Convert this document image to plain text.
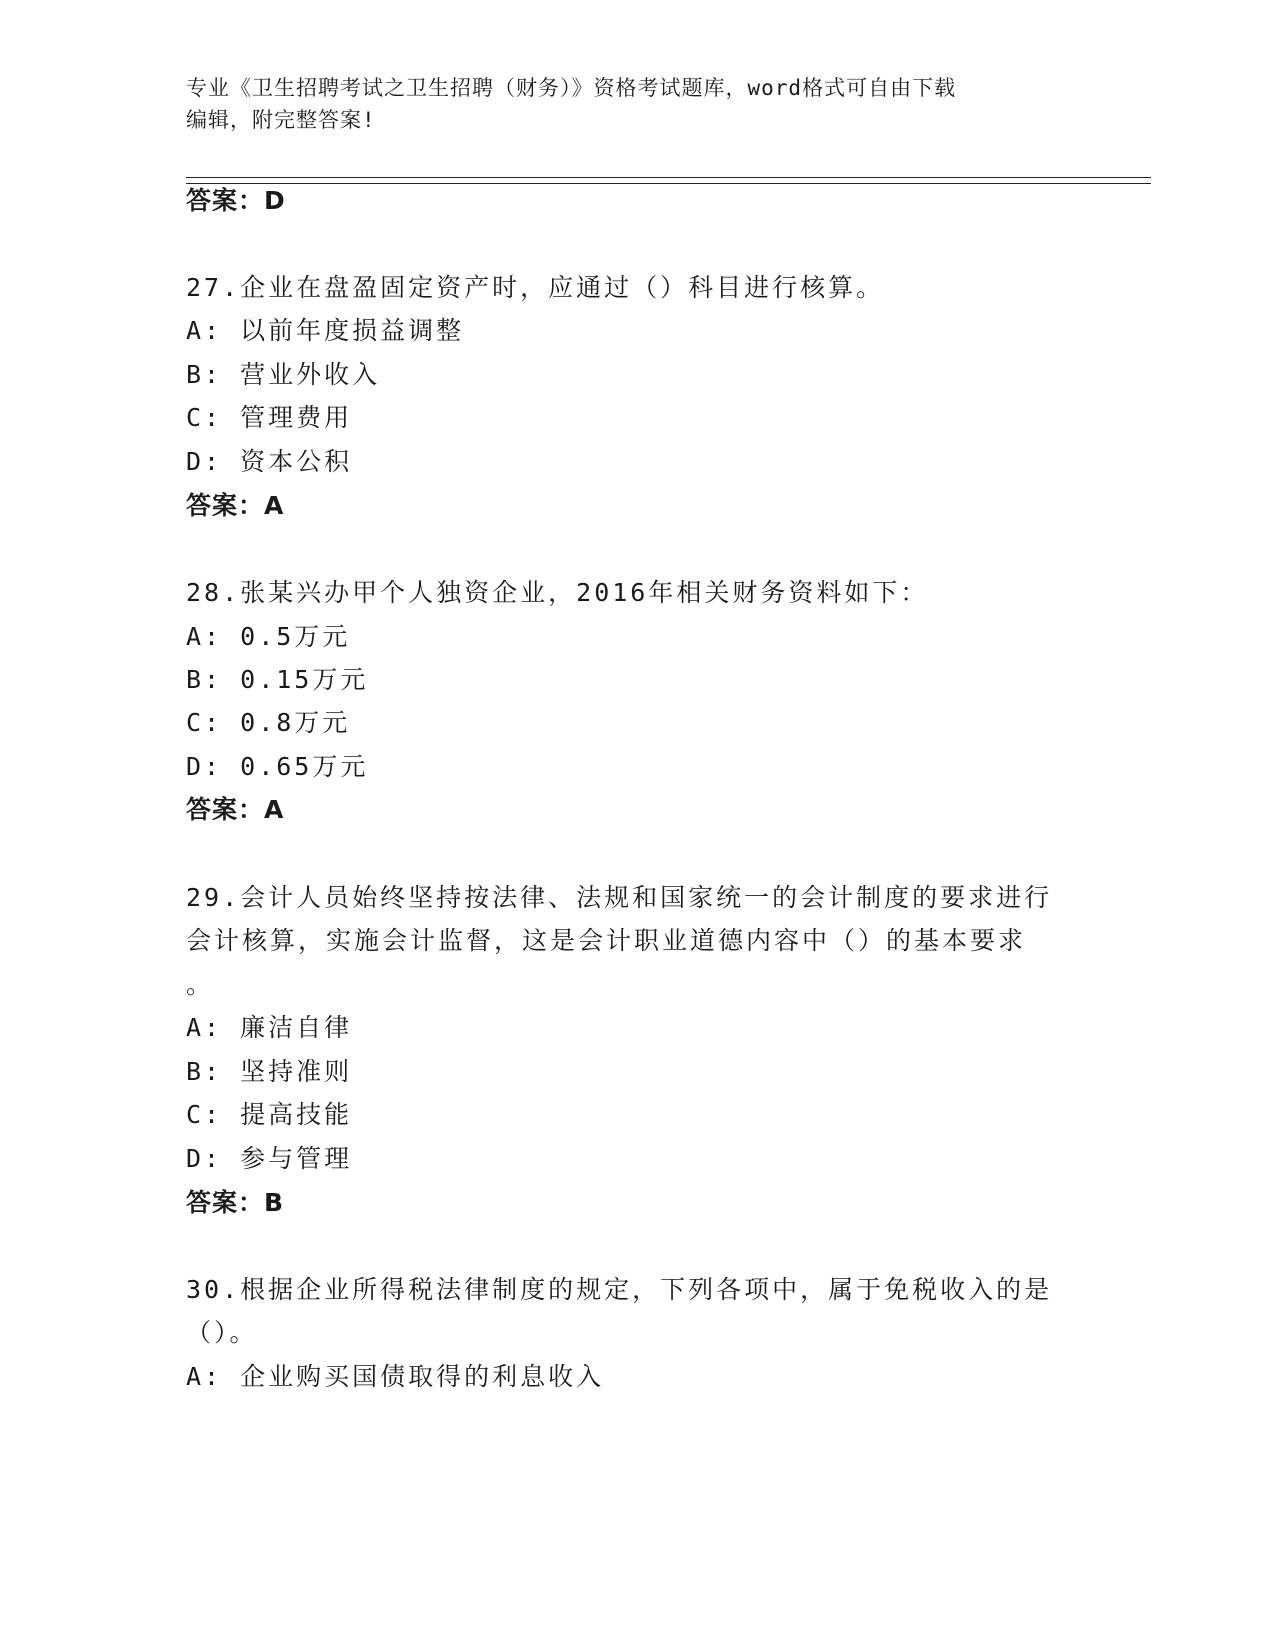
专业《卫生招聘考试之卫生招聘（财务）》资格考试题库，word格式可自由下载
编辑，附完整答案!
答案：D
27.企业在盘盈固定资产时，应通过（）科目进行核算。
A: 以前年度损益调整
B: 营业外收入
C: 管理费用
D: 资本公积
答案：A
28.张某兴办甲个人独资企业，2016年相关财务资料如下：
A: 0.5万元
B: 0.15万元
C: 0.8万元
D: 0.65万元
答案：A
29.会计人员始终坚持按法律、法规和国家统一的会计制度的要求进行
会计核算，实施会计监督，这是会计职业道德内容中（）的基本要求
。
A: 廉洁自律
B: 坚持准则
C: 提高技能
D: 参与管理
答案：B
30.根据企业所得税法律制度的规定，下列各项中，属于免税收入的是
（）。
A: 企业购买国债取得的利息收入
